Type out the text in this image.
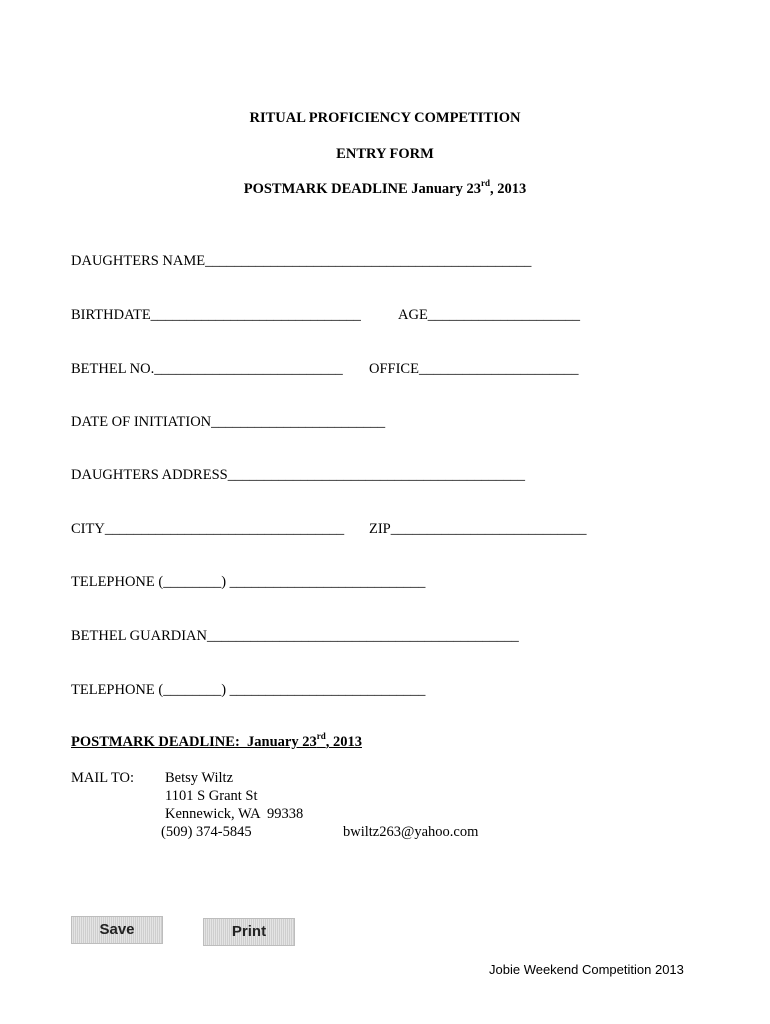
RITUAL PROFICIENCY COMPETITION
ENTRY FORM
POSTMARK DEADLINE January 23rd, 2013
DAUGHTERS NAME_____________________________________________
BIRTHDATE_____________________________	AGE_____________________
BETHEL NO.__________________________ OFFICE______________________
DATE OF INITIATION________________________
DAUGHTERS ADDRESS_________________________________________
CITY_________________________________ ZIP___________________________
TELEPHONE (________) ___________________________
BETHEL GUARDIAN___________________________________________
TELEPHONE (________) ___________________________
POSTMARK DEADLINE:  January 23rd, 2013
MAIL TO: Betsy Wiltz
1101 S Grant St
Kennewick, WA  99338
(509) 374-5845	bwiltz263@yahoo.com
Save	Print
Jobie Weekend Competition 2013
